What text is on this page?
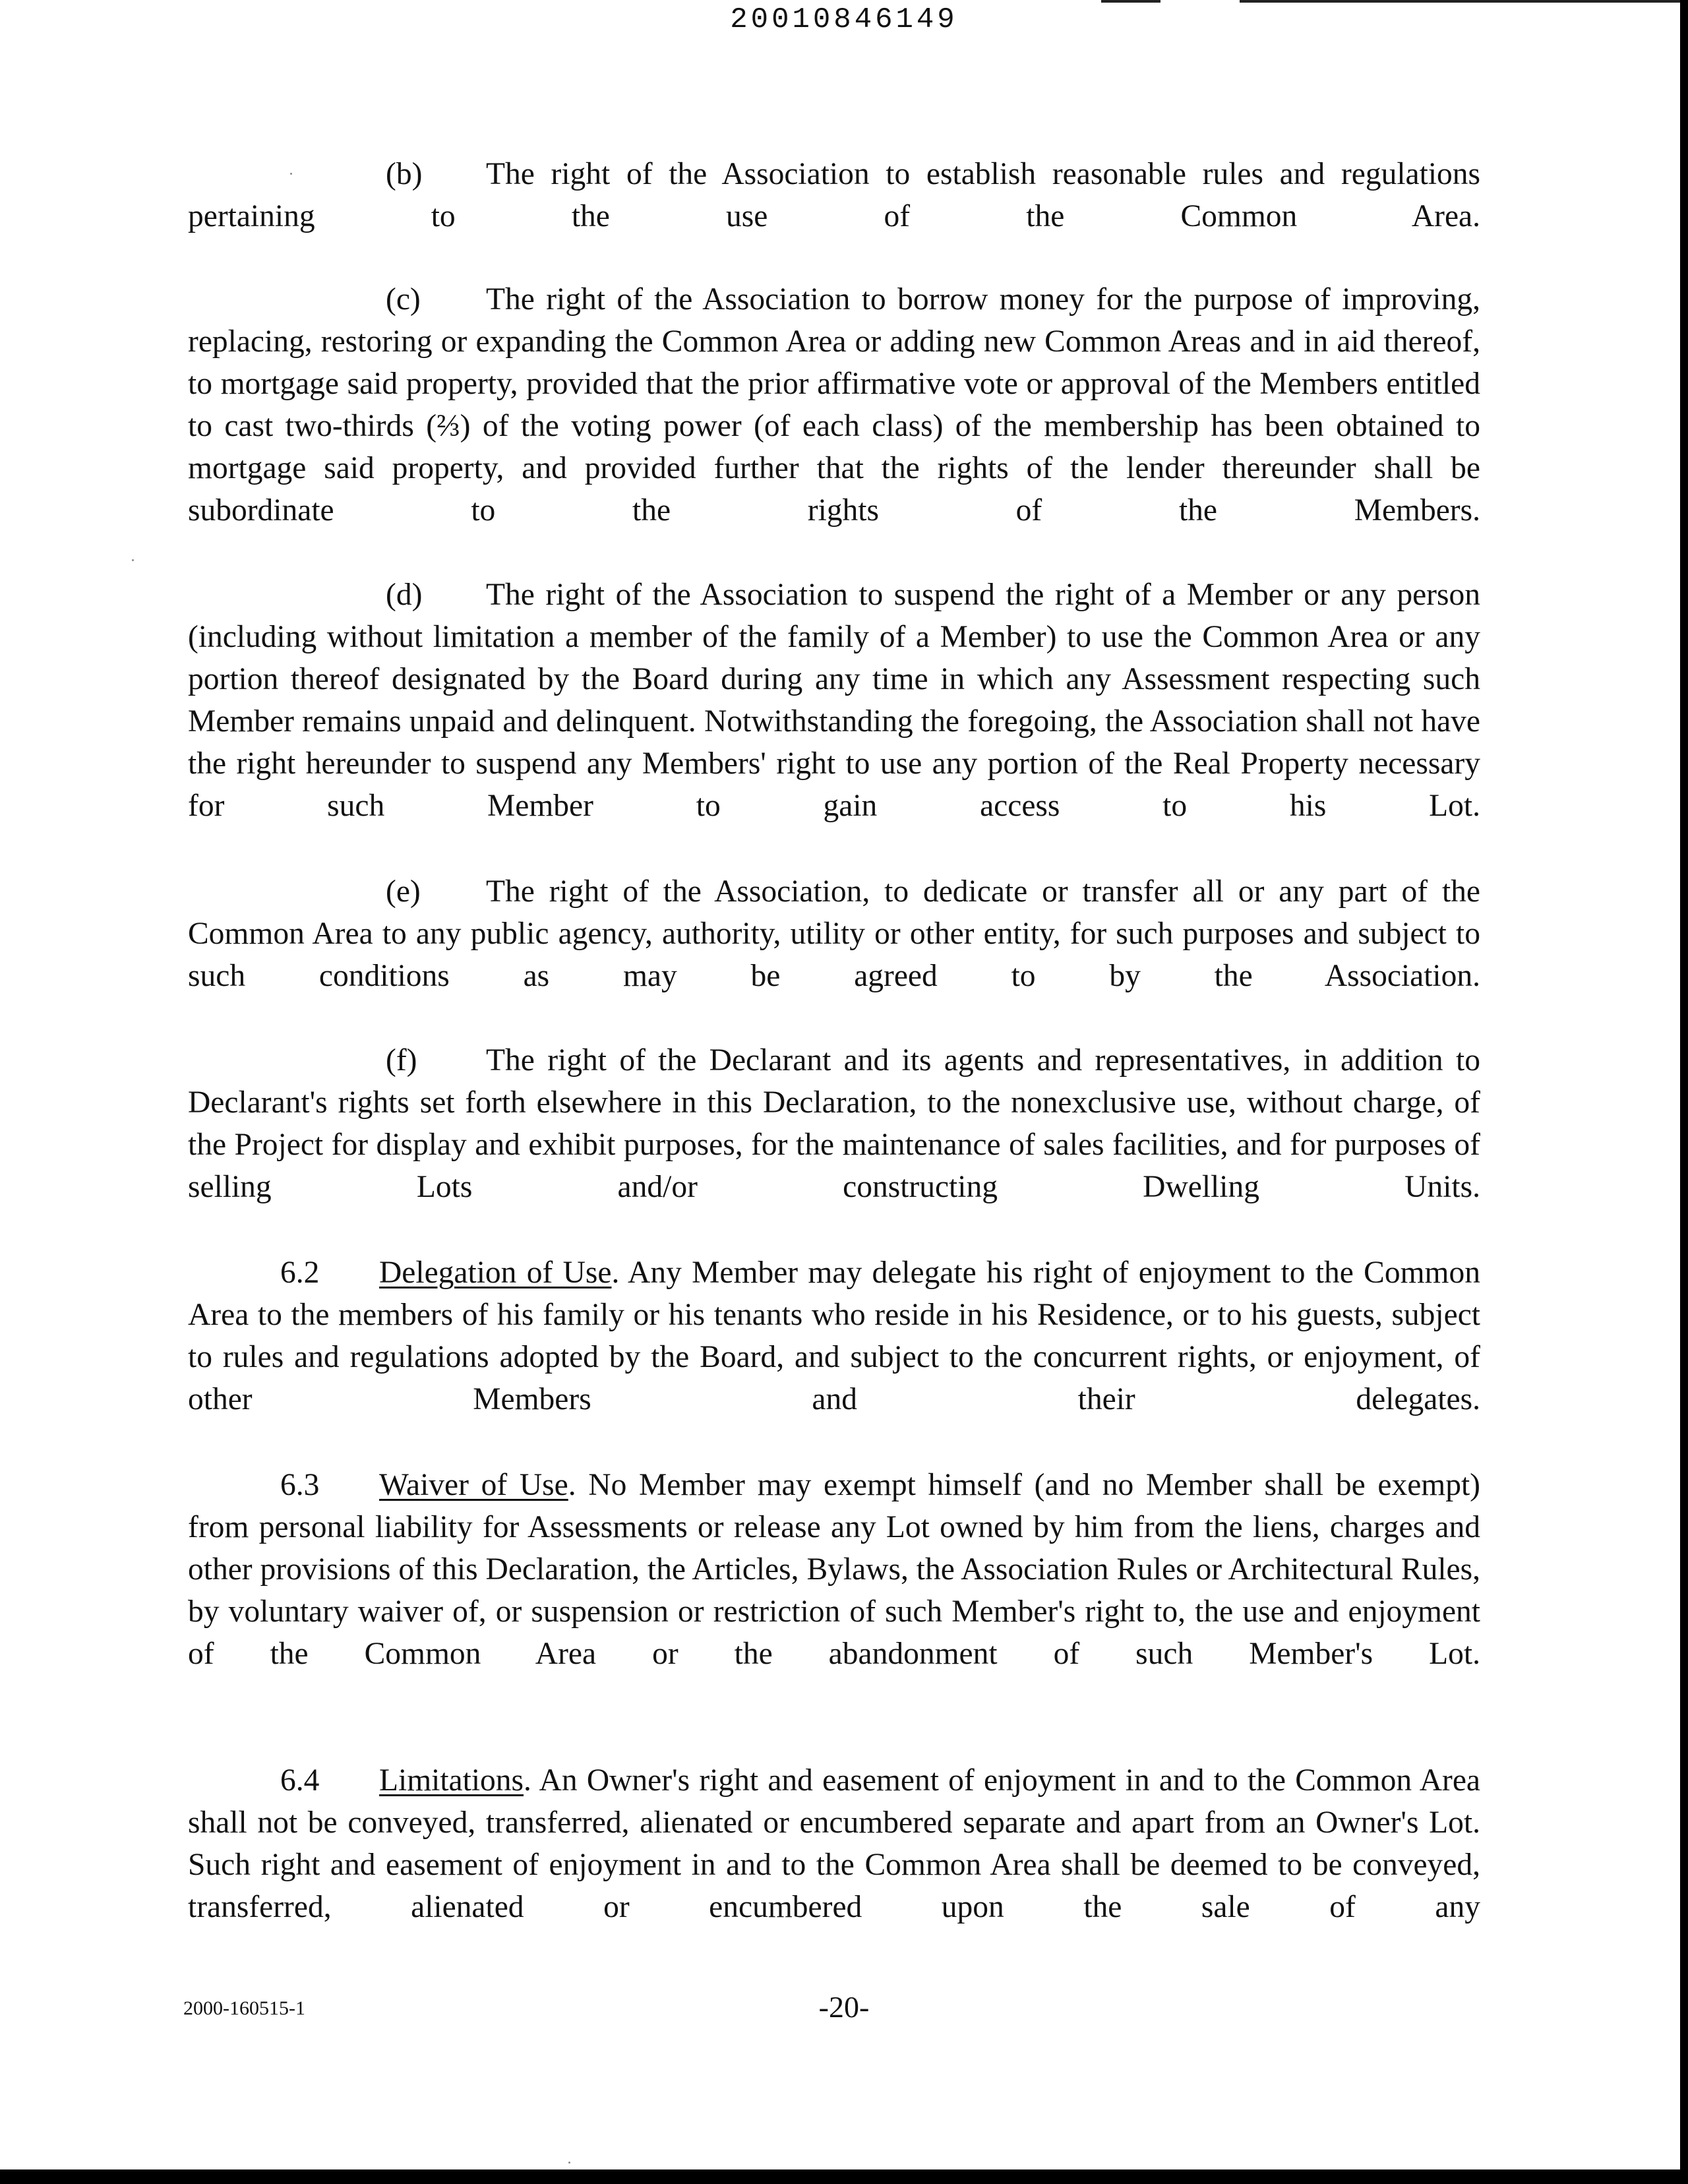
20010846149

(b) The right of the Association to establish reasonable rules and regulations pertaining to the use of the Common Area.

(c) The right of the Association to borrow money for the purpose of improving, replacing, restoring or expanding the Common Area or adding new Common Areas and in aid thereof, to mortgage said property, provided that the prior affirmative vote or approval of the Members entitled to cast two-thirds (⅔) of the voting power (of each class) of the membership has been obtained to mortgage said property, and provided further that the rights of the lender thereunder shall be subordinate to the rights of the Members.

(d) The right of the Association to suspend the right of a Member or any person (including without limitation a member of the family of a Member) to use the Common Area or any portion thereof designated by the Board during any time in which any Assessment respecting such Member remains unpaid and delinquent. Notwithstanding the foregoing, the Association shall not have the right hereunder to suspend any Members' right to use any portion of the Real Property necessary for such Member to gain access to his Lot.

(e) The right of the Association, to dedicate or transfer all or any part of the Common Area to any public agency, authority, utility or other entity, for such purposes and subject to such conditions as may be agreed to by the Association.

(f) The right of the Declarant and its agents and representatives, in addition to Declarant's rights set forth elsewhere in this Declaration, to the nonexclusive use, without charge, of the Project for display and exhibit purposes, for the maintenance of sales facilities, and for purposes of selling Lots and/or constructing Dwelling Units.

6.2 Delegation of Use. Any Member may delegate his right of enjoyment to the Common Area to the members of his family or his tenants who reside in his Residence, or to his guests, subject to rules and regulations adopted by the Board, and subject to the concurrent rights, or enjoyment, of other Members and their delegates.

6.3 Waiver of Use. No Member may exempt himself (and no Member shall be exempt) from personal liability for Assessments or release any Lot owned by him from the liens, charges and other provisions of this Declaration, the Articles, Bylaws, the Association Rules or Architectural Rules, by voluntary waiver of, or suspension or restriction of such Member's right to, the use and enjoyment of the Common Area or the abandonment of such Member's Lot.

6.4 Limitations. An Owner's right and easement of enjoyment in and to the Common Area shall not be conveyed, transferred, alienated or encumbered separate and apart from an Owner's Lot. Such right and easement of enjoyment in and to the Common Area shall be deemed to be conveyed, transferred, alienated or encumbered upon the sale of any

2000-160515-1	-20-
